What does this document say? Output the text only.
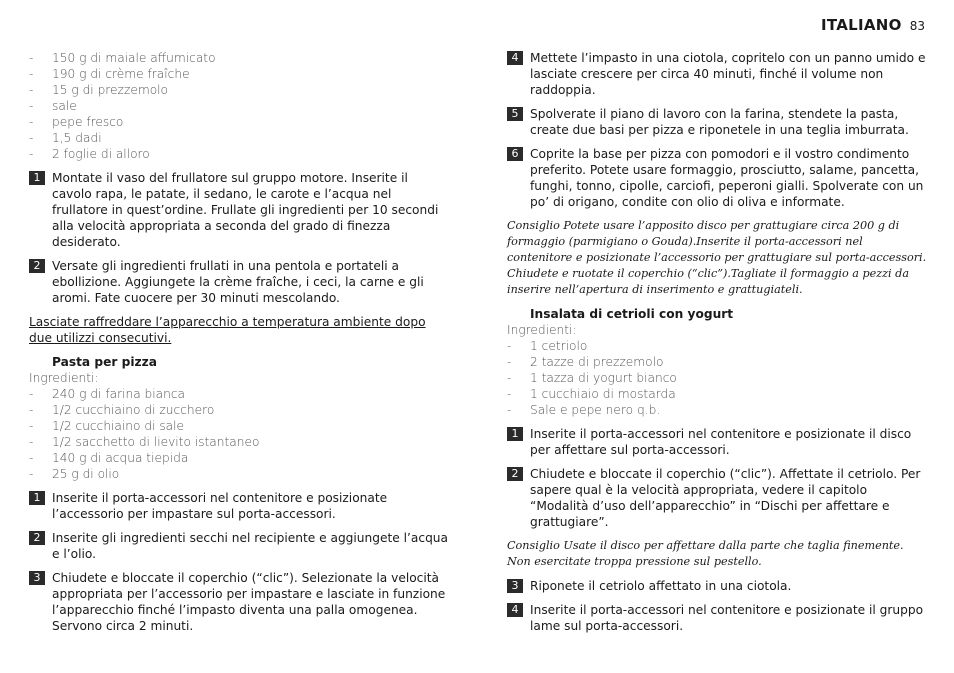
ITALIANO 83
-	150 g di maiale affumicato
-	190 g di crème fraîche
-	15 g di prezzemolo
-	sale
-	pepe fresco
-	1,5 dadi
-	2 foglie di alloro
1 Montate il vaso del frullatore sul gruppo motore. Inserite il cavolo rapa, le patate, il sedano, le carote e l’acqua nel frullatore in quest’ordine. Frullate gli ingredienti per 10 secondi alla velocità appropriata a seconda del grado di finezza desiderato.
2 Versate gli ingredienti frullati in una pentola e portateli a ebollizione. Aggiungete la crème fraîche, i ceci, la carne e gli aromi. Fate cuocere per 30 minuti mescolando.
Lasciate raffreddare l’apparecchio a temperatura ambiente dopo due utilizzi consecutivi.
Pasta per pizza
Ingredienti:
-	240 g di farina bianca
-	1/2 cucchiaino di zucchero
-	1/2 cucchiaino di sale
-	1/2 sacchetto di lievito istantaneo
-	140 g di acqua tiepida
-	25 g di olio
1 Inserite il porta-accessori nel contenitore e posizionate l’accessorio per impastare sul porta-accessori.
2 Inserite gli ingredienti secchi nel recipiente e aggiungete l’acqua e l’olio.
3 Chiudete e bloccate il coperchio (“clic”). Selezionate la velocità appropriata per l’accessorio per impastare e lasciate in funzione l’apparecchio finché l’impasto diventa una palla omogenea. Servono circa 2 minuti.
4 Mettete l’impasto in una ciotola, copritelo con un panno umido e lasciate crescere per circa 40 minuti, finché il volume non raddoppia.
5 Spolverate il piano di lavoro con la farina, stendete la pasta, create due basi per pizza e riponetele in una teglia imburrata.
6 Coprite la base per pizza con pomodori e il vostro condimento preferito. Potete usare formaggio, prosciutto, salame, pancetta, funghi, tonno, cipolle, carciofi, peperoni gialli. Spolverate con un po’ di origano, condite con olio di oliva e informate.
Consiglio Potete usare l’apposito disco per grattugiare circa 200 g di formaggio (parmigiano o Gouda).Inserite il porta-accessori nel contenitore e posizionate l’accessorio per grattugiare sul porta-accessori. Chiudete e ruotate il coperchio (“clic”).Tagliate il formaggio a pezzi da inserire nell’apertura di inserimento e grattugiateli.
Insalata di cetrioli con yogurt
Ingredienti:
-	1 cetriolo
-	2 tazze di prezzemolo
-	1 tazza di yogurt bianco
-	1 cucchiaio di mostarda
-	Sale e pepe nero q.b.
1 Inserite il porta-accessori nel contenitore e posizionate il disco per affettare sul porta-accessori.
2 Chiudete e bloccate il coperchio (“clic”). Affettate il cetriolo. Per sapere qual è la velocità appropriata, vedere il capitolo “Modalità d’uso dell’apparecchio” in “Dischi per affettare e grattugiare”.
Consiglio Usate il disco per affettare dalla parte che taglia finemente. Non esercitate troppa pressione sul pestello.
3 Riponete il cetriolo affettato in una ciotola.
4 Inserite il porta-accessori nel contenitore e posizionate il gruppo lame sul porta-accessori.
